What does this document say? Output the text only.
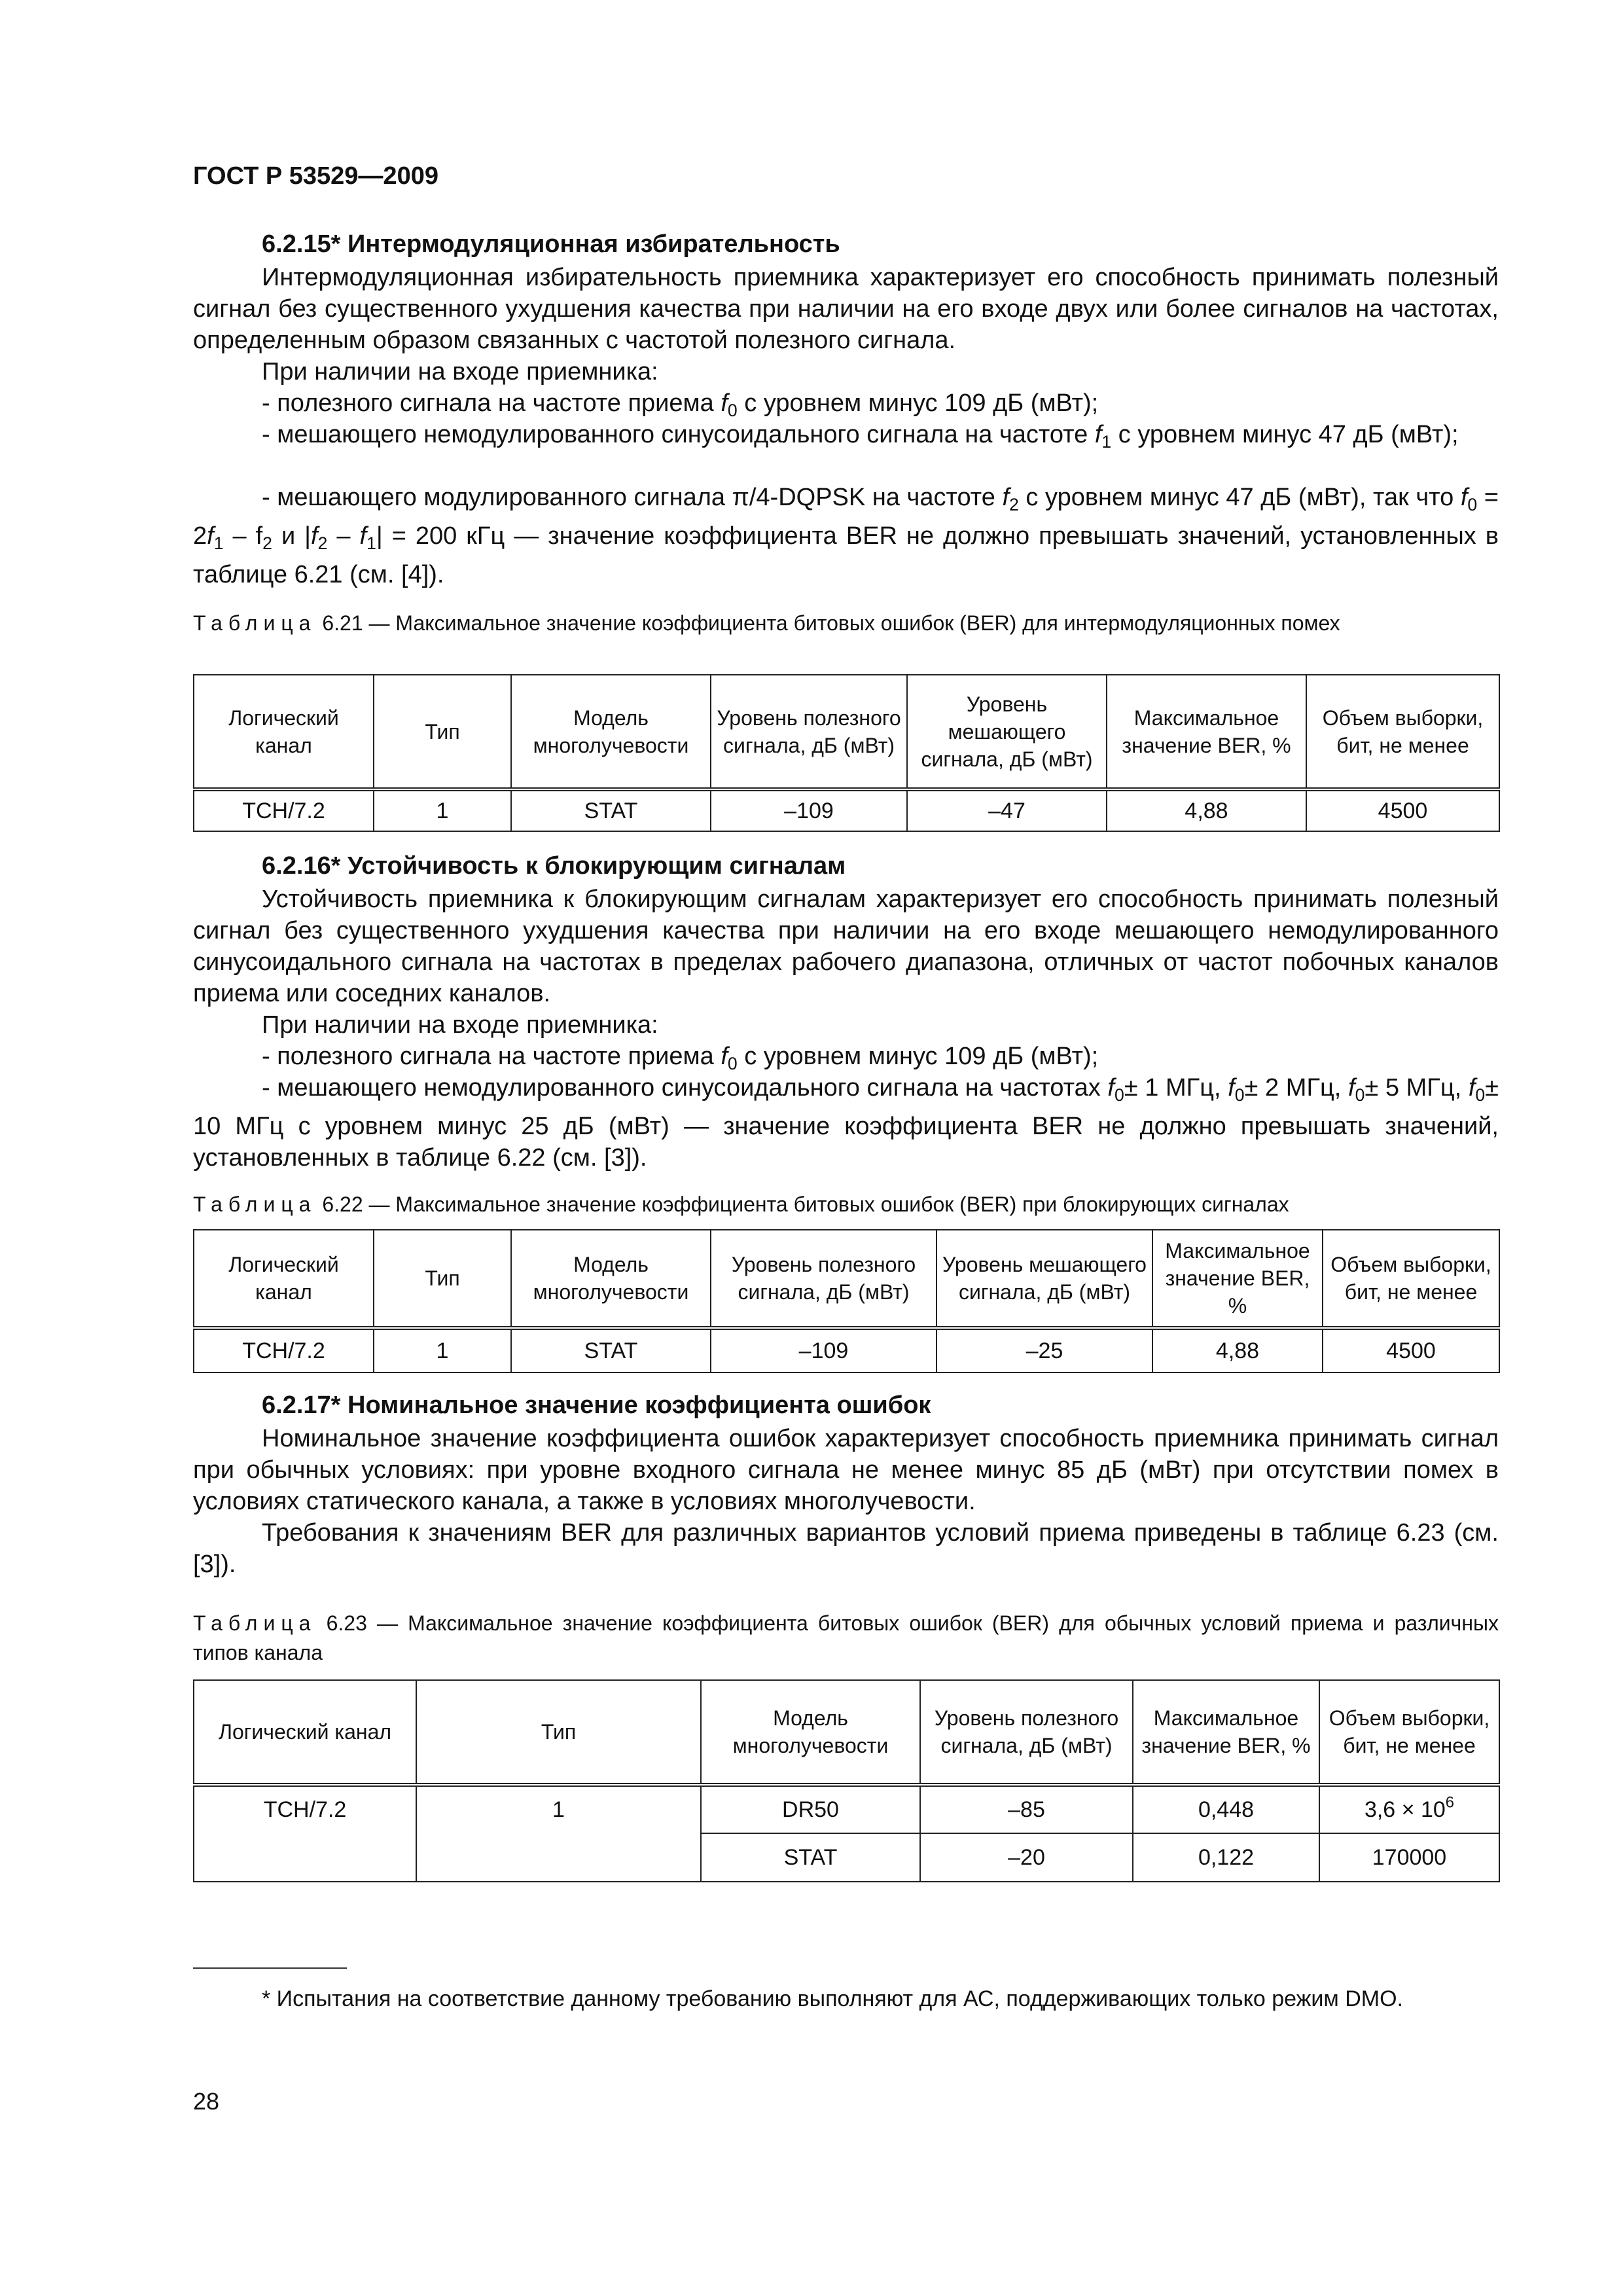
ГОСТ Р 53529—2009
6.2.15* Интермодуляционная избирательность

Интермодуляционная избирательность приемника характеризует его способность принимать полезный сигнал без существенного ухудшения качества при наличии на его входе двух или более сигналов на частотах, определенным образом связанных с частотой полезного сигнала.

При наличии на входе приемника:

- полезного сигнала на частоте приема $f_0$ с уровнем минус 109 дБ (мВт);

- мешающего немодулированного синусоидального сигнала на частоте $f_1$ с уровнем минус 47 дБ (мВт);

- мешающего модулированного сигнала π/4-DQPSK на частоте $f_2$ с уровнем минус 47 дБ (мВт), так что $f_0 = 2f_1 - f_2$ и $|f_2 - f_1| = 200$ кГц — значение коэффициента BER не должно превышать значений, установленных в таблице 6.21 (см. [4]).

Таблица 6.21 — Максимальное значение коэффициента битовых ошибок (BER) для интермодуляционных помех

Логический канал	Тип	Модель многолучевости	Уровень полезного сигнала, дБ (мВт)	Уровень мешающего сигнала, дБ (мВт)	Максимальное значение BER, %	Объем выборки, бит, не менее
TCH/7.2	1	STAT	–109	–47	4,88	4500
6.2.16* Устойчивость к блокирующим сигналам

Устойчивость приемника к блокирующим сигналам характеризует его способность принимать полезный сигнал без существенного ухудшения качества при наличии на его входе мешающего немодулированного синусоидального сигнала на частотах в пределах рабочего диапазона, отличных от частот побочных каналов приема или соседних каналов.

При наличии на входе приемника:

- полезного сигнала на частоте приема $f_0$ с уровнем минус 109 дБ (мВт);

- мешающего немодулированного синусоидального сигнала на частотах $f_0\pm 1$ МГц, $f_0\pm 2$ МГц, $f_0\pm 5$ МГц, $f_0\pm 10$ МГц с уровнем минус 25 дБ (мВт) — значение коэффициента BER не должно превышать значений, установленных в таблице 6.22 (см. [3]).

Таблица 6.22 — Максимальное значение коэффициента битовых ошибок (BER) при блокирующих сигналах

Логический канал	Тип	Модель многолучевости	Уровень полезного сигнала, дБ (мВт)	Уровень мешающего сигнала, дБ (мВт)	Максимальное значение BER, %	Объем выборки, бит, не менее
TCH/7.2	1	STAT	–109	–25	4,88	4500
6.2.17* Номинальное значение коэффициента ошибок

Номинальное значение коэффициента ошибок характеризует способность приемника принимать сигнал при обычных условиях: при уровне входного сигнала не менее минус 85 дБ (мВт) при отсутствии помех в условиях статического канала, а также в условиях многолучевости.

Требования к значениям BER для различных вариантов условий приема приведены в таблице 6.23 (см. [3]).

Таблица 6.23 — Максимальное значение коэффициента битовых ошибок (BER) для обычных условий приема и различных типов канала

Логический канал	Тип	Модель многолучевости	Уровень полезного сигнала, дБ (мВт)	Максимальное значение BER, %	Объем выборки, бит, не менее
TCH/7.2	1	DR50	–85	0,448	$3,6 \times 10^6$
		STAT	–20	0,122	170000

* Испытания на соответствие данному требованию выполняют для АС, поддерживающих только режим DMO.

28
